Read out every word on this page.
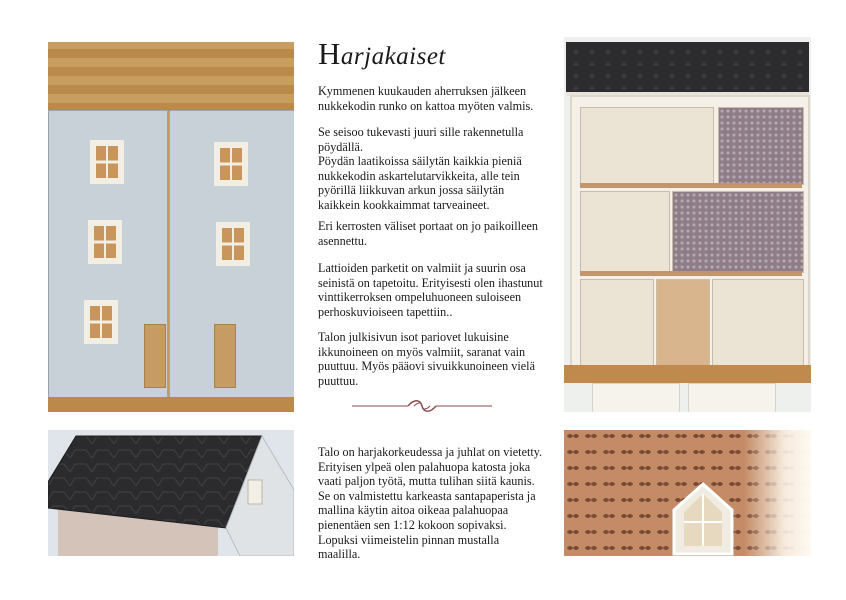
Harjakaiset
Kymmenen kuukauden aherruksen jälkeen
nukkekodin runko on kattoa myöten valmis.
Se seisoo tukevasti juuri sille rakennetulla
pöydällä.
Pöydän laatikoissa säilytän kaikkia pieniä
nukkekodin askartelutarvikkeita, alle tein
pyörillä liikkuvan arkun jossa säilytän
kaikkein kookkaimmat tarveaineet.
Eri kerrosten väliset portaat on jo paikoilleen
asennettu.
Lattioiden parketit on valmiit ja suurin osa
seinistä on tapetoitu. Erityisesti olen ihastunut
vinttikerroksen ompeluhuoneen suloiseen
perhoskuvioiseen tapettiin..
Talon julkisivun isot pariovet lukuisine
ikkunoineen on myös valmiit, saranat vain
puuttuu. Myös pääovi sivuikkunoineen vielä
puuttuu.
Talo on harjakorkeudessa ja juhlat on vietetty.
Erityisen ylpeä olen palahuopa katosta joka
vaati paljon työtä, mutta tulihan siitä kaunis.
Se on valmistettu karkeasta santapaperista ja
mallina käytin aitoa oikeaa palahuopaa
pienentäen sen 1:12 kokoon sopivaksi.
Lopuksi viimeistelin pinnan mustalla maalilla.
